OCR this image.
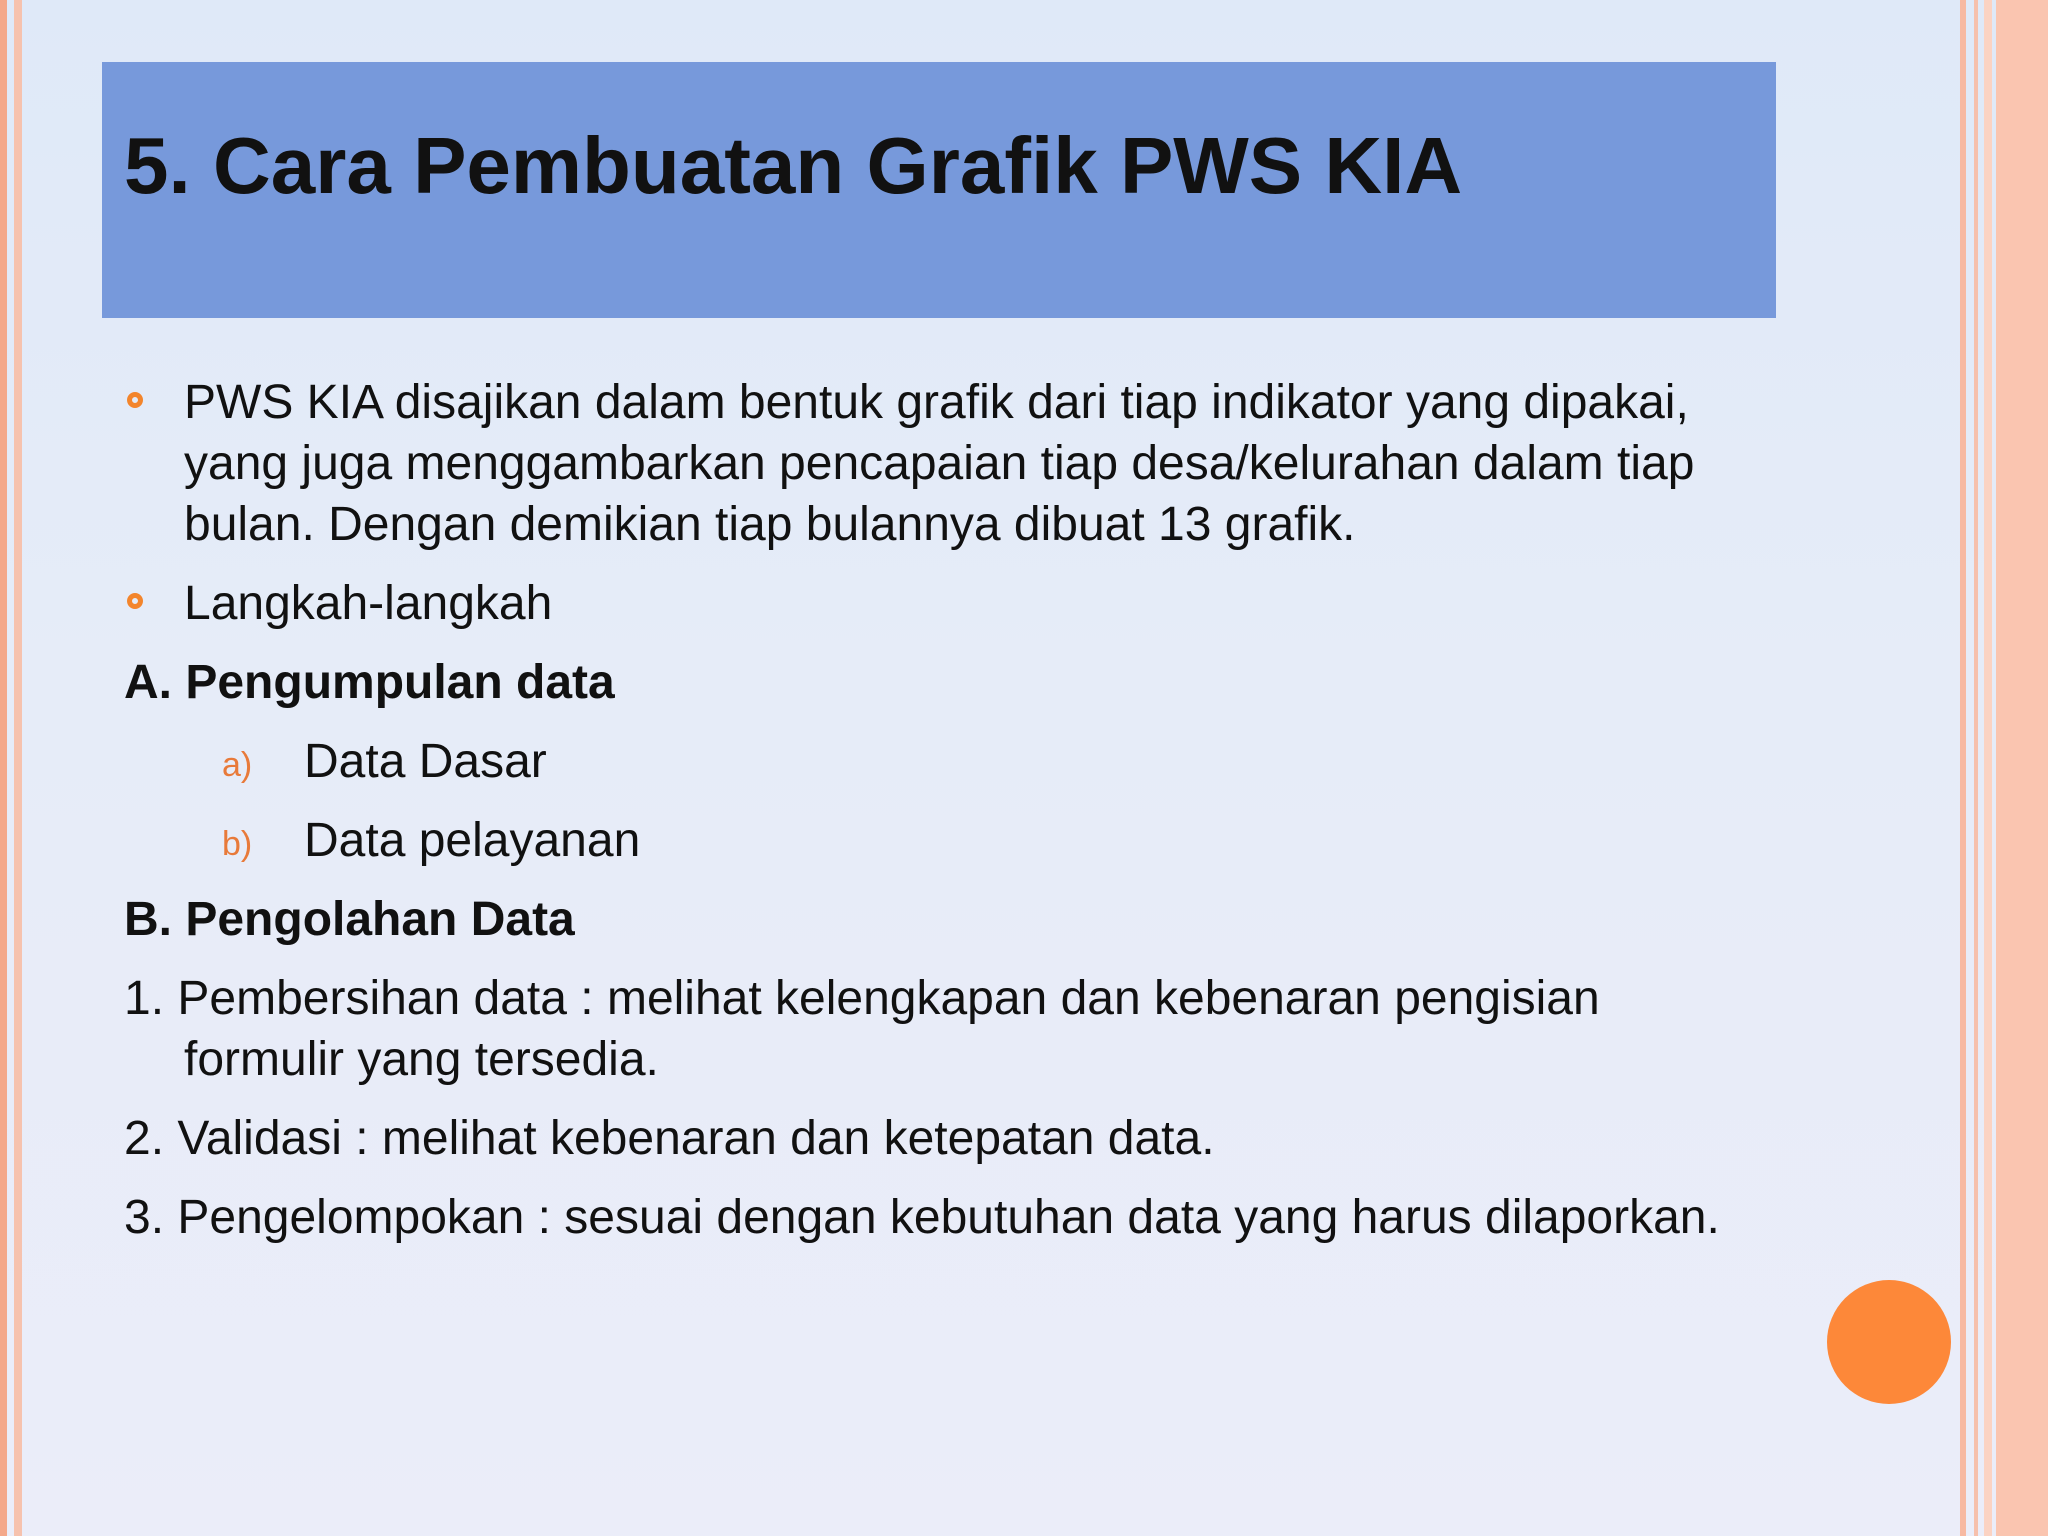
5. Cara Pembuatan Grafik PWS KIA
PWS KIA disajikan dalam bentuk grafik dari tiap indikator yang dipakai, yang juga menggambarkan pencapaian tiap desa/kelurahan dalam tiap bulan. Dengan demikian tiap bulannya dibuat 13 grafik.
Langkah-langkah
A. Pengumpulan data
a) Data Dasar
b) Data pelayanan
B. Pengolahan Data
1. Pembersihan data : melihat kelengkapan dan kebenaran pengisian formulir yang tersedia.
2. Validasi : melihat kebenaran dan ketepatan data.
3. Pengelompokan : sesuai dengan kebutuhan data yang harus dilaporkan.
